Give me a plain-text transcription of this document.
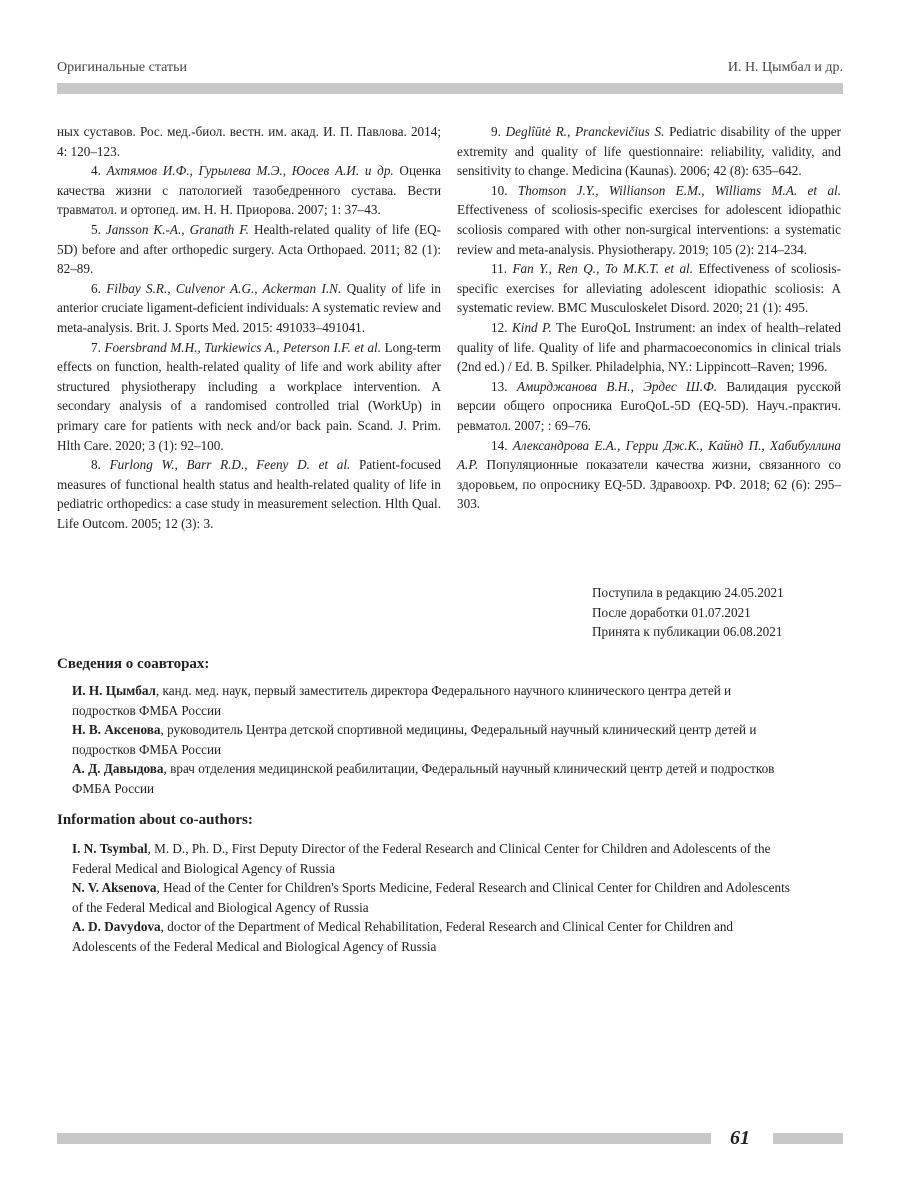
Оригинальные статьи	И. Н. Цымбал и др.

ных суставов. Рос. мед.-биол. вестн. им. акад. И. П. Павлова. 2014; 4: 120–123.

4. Ахтямов И.Ф., Гурылева М.Э., Юосев А.И. и др. Оценка качества жизни с патологией тазобедренного сустава. Вести травматол. и ортопед. им. Н. Н. Приорова. 2007; 1: 37–43.

5. Jansson K.-A., Granath F. Health-related quality of life (EQ-5D) before and after orthopedic surgery. Acta Orthopaed. 2011; 82 (1): 82–89.

6. Filbay S.R., Culvenor A.G., Ackerman I.N. Quality of life in anterior cruciate ligament-deficient individuals: A systematic review and meta-analysis. Brit. J. Sports Med. 2015: 491033–491041.

7. Foersbrand M.H., Turkiewics A., Peterson I.F. et al. Long-term effects on function, health-related quality of life and work ability after structured physiotherapy including a workplace intervention. A secondary analysis of a randomised controlled trial (WorkUp) in primary care for patients with neck and/or back pain. Scand. J. Prim. Hlth Care. 2020; 3 (1): 92–100.

8. Furlong W., Barr R.D., Feeny D. et al. Patient-focused measures of functional health status and health-related quality of life in pediatric orthopedics: a case study in measurement selection. Hlth Qual. Life Outcom. 2005; 12 (3): 3.

9. Deglîūtė R., Pranckevičius S. Pediatric disability of the upper extremity and quality of life questionnaire: reliability, validity, and sensitivity to change. Medicina (Kaunas). 2006; 42 (8): 635–642.

10. Thomson J.Y., Willianson E.M., Williams M.A. et al. Effectiveness of scoliosis-specific exercises for adolescent idiopathic scoliosis compared with other non-surgical interventions: a systematic review and meta-analysis. Physiotherapy. 2019; 105 (2): 214–234.

11. Fan Y., Ren Q., To M.K.T. et al. Effectiveness of scoliosis-specific exercises for alleviating adolescent idiopathic scoliosis: A systematic review. BMC Musculoskelet Disord. 2020; 21 (1): 495.

12. Kind P. The EuroQoL Instrument: an index of health–related quality of life. Quality of life and pharmacoeconomics in clinical trials (2nd ed.) / Ed. B. Spilker. Philadelphia, NY.: Lippincott–Raven; 1996.

13. Амирджанова В.Н., Эрдес Ш.Ф. Валидация русской версии общего опросника EuroQoL-5D (EQ-5D). Науч.-практич. ревматол. 2007; : 69–76.

14. Александрова Е.А., Герри Дж.К., Кайнд П., Хабибуллина А.Р. Популяционные показатели качества жизни, связанного со здоровьем, по опроснику EQ-5D. Здравоохр. РФ. 2018; 62 (6): 295–303.

Поступила в редакцию 24.05.2021
После доработки 01.07.2021
Принята к публикации 06.08.2021
Сведения о соавторах:

И. Н. Цымбал, канд. мед. наук, первый заместитель директора Федерального научного клинического центра детей и подростков ФМБА России

Н. В. Аксенова, руководитель Центра детской спортивной медицины, Федеральный научный клинический центр детей и подростков ФМБА России

А. Д. Давыдова, врач отделения медицинской реабилитации, Федеральный научный клинический центр детей и подростков ФМБА России

Information about co-authors:

I. N. Tsymbal, M. D., Ph. D., First Deputy Director of the Federal Research and Clinical Center for Children and Adolescents of the Federal Medical and Biological Agency of Russia

N. V. Aksenova, Head of the Center for Children's Sports Medicine, Federal Research and Clinical Center for Children and Adolescents of the Federal Medical and Biological Agency of Russia

A. D. Davydova, doctor of the Department of Medical Rehabilitation, Federal Research and Clinical Center for Children and Adolescents of the Federal Medical and Biological Agency of Russia

61
